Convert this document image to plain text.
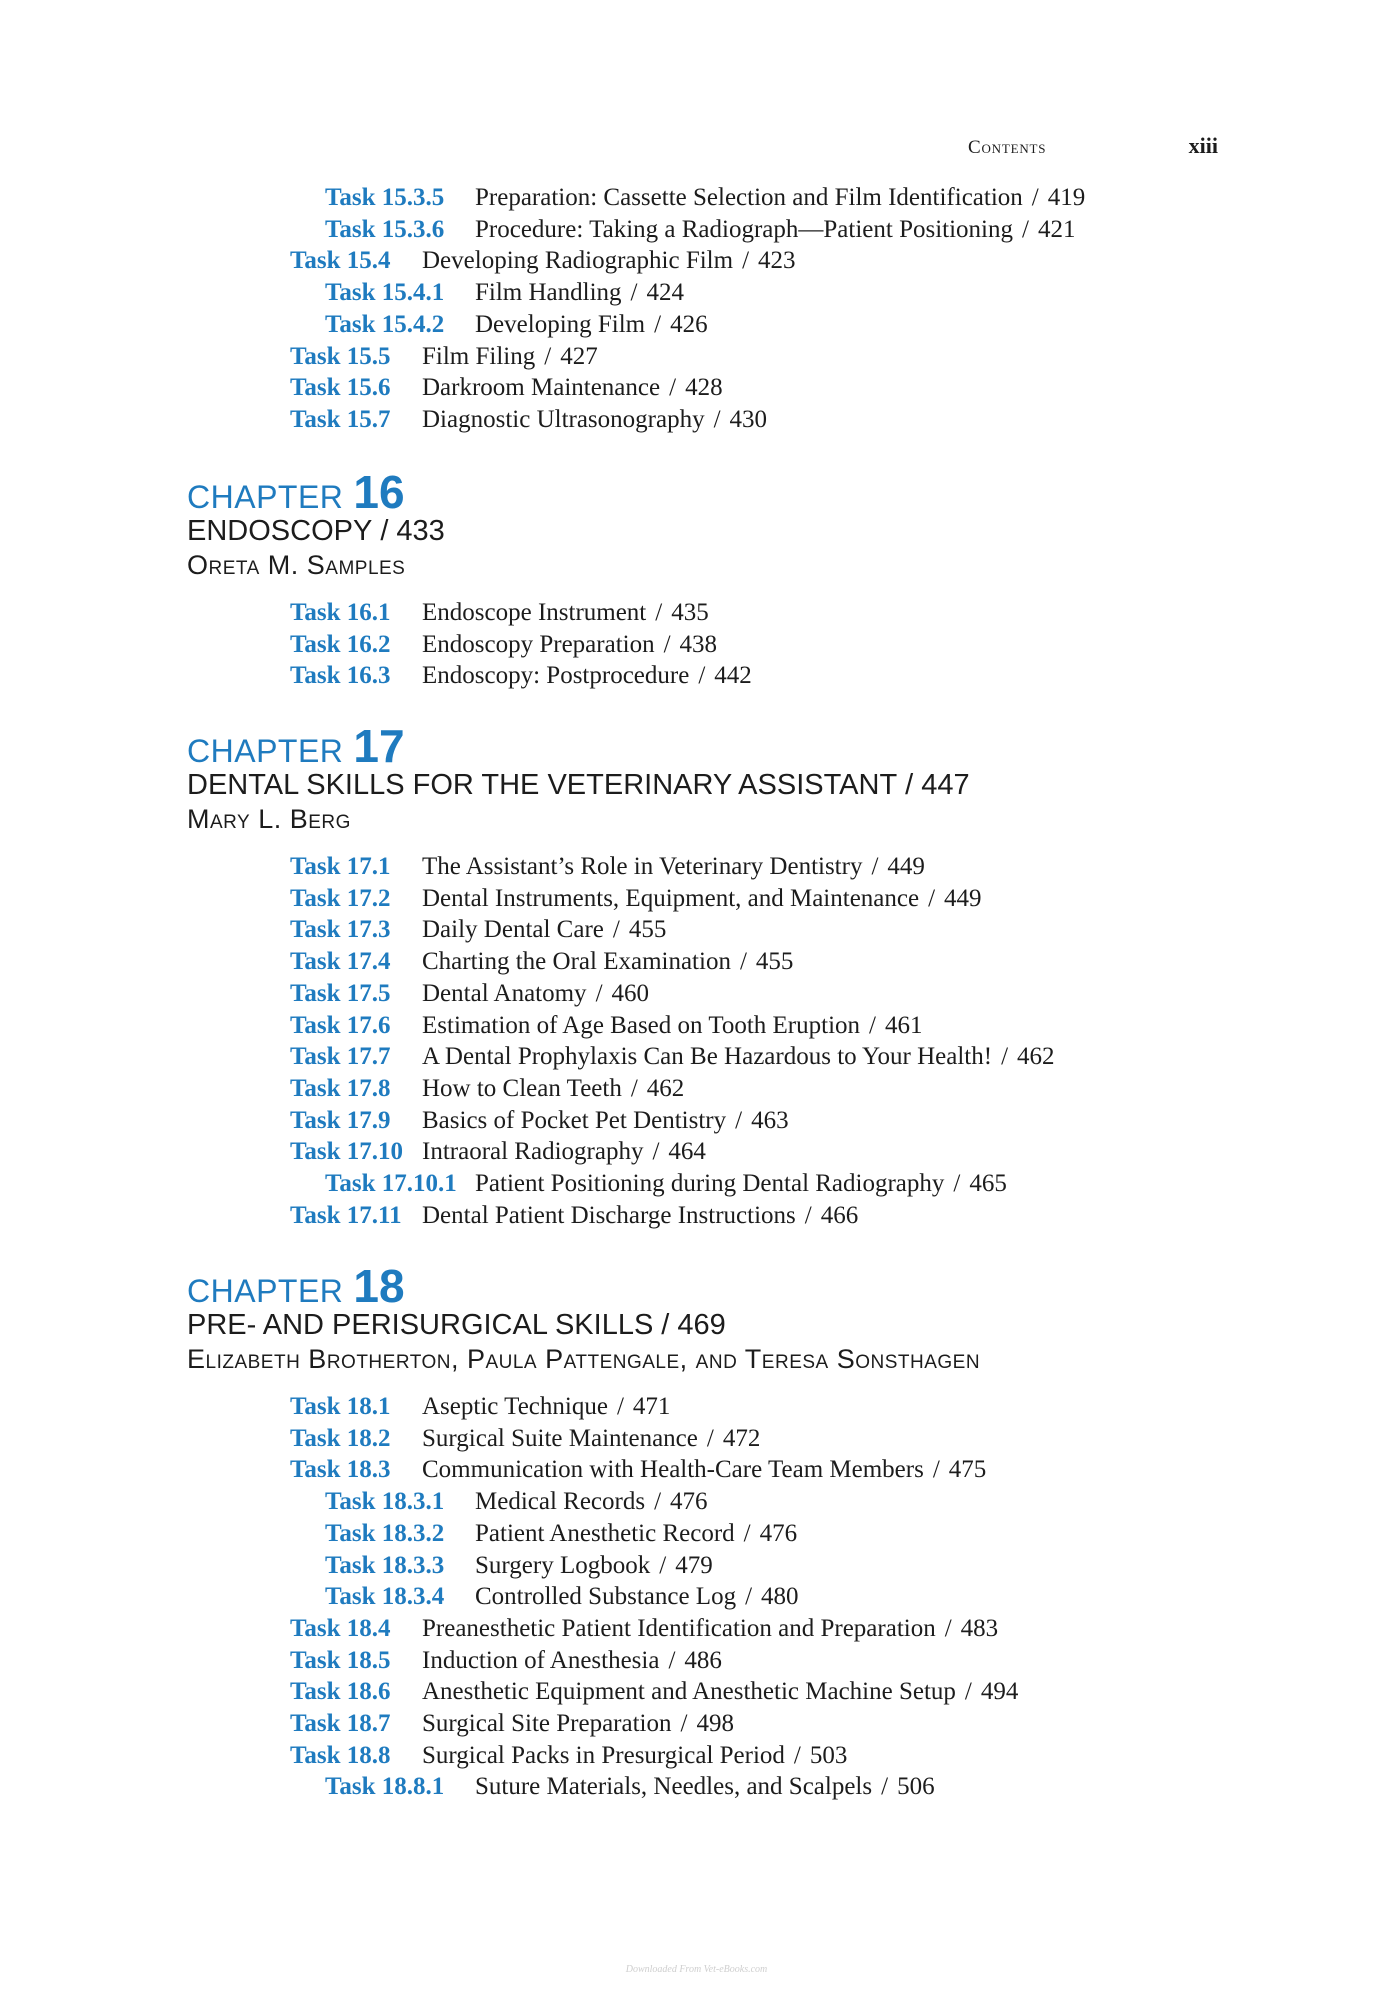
Contents	xiii
Task 15.3.5	Preparation: Cassette Selection and Film Identification / 419
Task 15.3.6	Procedure: Taking a Radiograph—Patient Positioning / 421
Task 15.4	Developing Radiographic Film / 423
Task 15.4.1	Film Handling / 424
Task 15.4.2	Developing Film / 426
Task 15.5	Film Filing / 427
Task 15.6	Darkroom Maintenance / 428
Task 15.7	Diagnostic Ultrasonography / 430
CHAPTER 16
ENDOSCOPY / 433
Oreta M. Samples
Task 16.1	Endoscope Instrument / 435
Task 16.2	Endoscopy Preparation / 438
Task 16.3	Endoscopy: Postprocedure / 442
CHAPTER 17
DENTAL SKILLS FOR THE VETERINARY ASSISTANT / 447
Mary L. Berg
Task 17.1	The Assistant’s Role in Veterinary Dentistry / 449
Task 17.2	Dental Instruments, Equipment, and Maintenance / 449
Task 17.3	Daily Dental Care / 455
Task 17.4	Charting the Oral Examination / 455
Task 17.5	Dental Anatomy / 460
Task 17.6	Estimation of Age Based on Tooth Eruption / 461
Task 17.7	A Dental Prophylaxis Can Be Hazardous to Your Health! / 462
Task 17.8	How to Clean Teeth / 462
Task 17.9	Basics of Pocket Pet Dentistry / 463
Task 17.10 Intraoral Radiography / 464
Task 17.10.1 Patient Positioning during Dental Radiography / 465
Task 17.11 Dental Patient Discharge Instructions / 466
CHAPTER 18
PRE- AND PERISURGICAL SKILLS / 469
Elizabeth Brotherton, Paula Pattengale, and Teresa Sonsthagen
Task 18.1	Aseptic Technique / 471
Task 18.2	Surgical Suite Maintenance / 472
Task 18.3	Communication with Health-Care Team Members / 475
Task 18.3.1	Medical Records / 476
Task 18.3.2	Patient Anesthetic Record / 476
Task 18.3.3	Surgery Logbook / 479
Task 18.3.4	Controlled Substance Log / 480
Task 18.4	Preanesthetic Patient Identification and Preparation / 483
Task 18.5	Induction of Anesthesia / 486
Task 18.6	Anesthetic Equipment and Anesthetic Machine Setup / 494
Task 18.7	Surgical Site Preparation / 498
Task 18.8	Surgical Packs in Presurgical Period / 503
Task 18.8.1	Suture Materials, Needles, and Scalpels / 506
Downloaded From Vet-eBooks.com
